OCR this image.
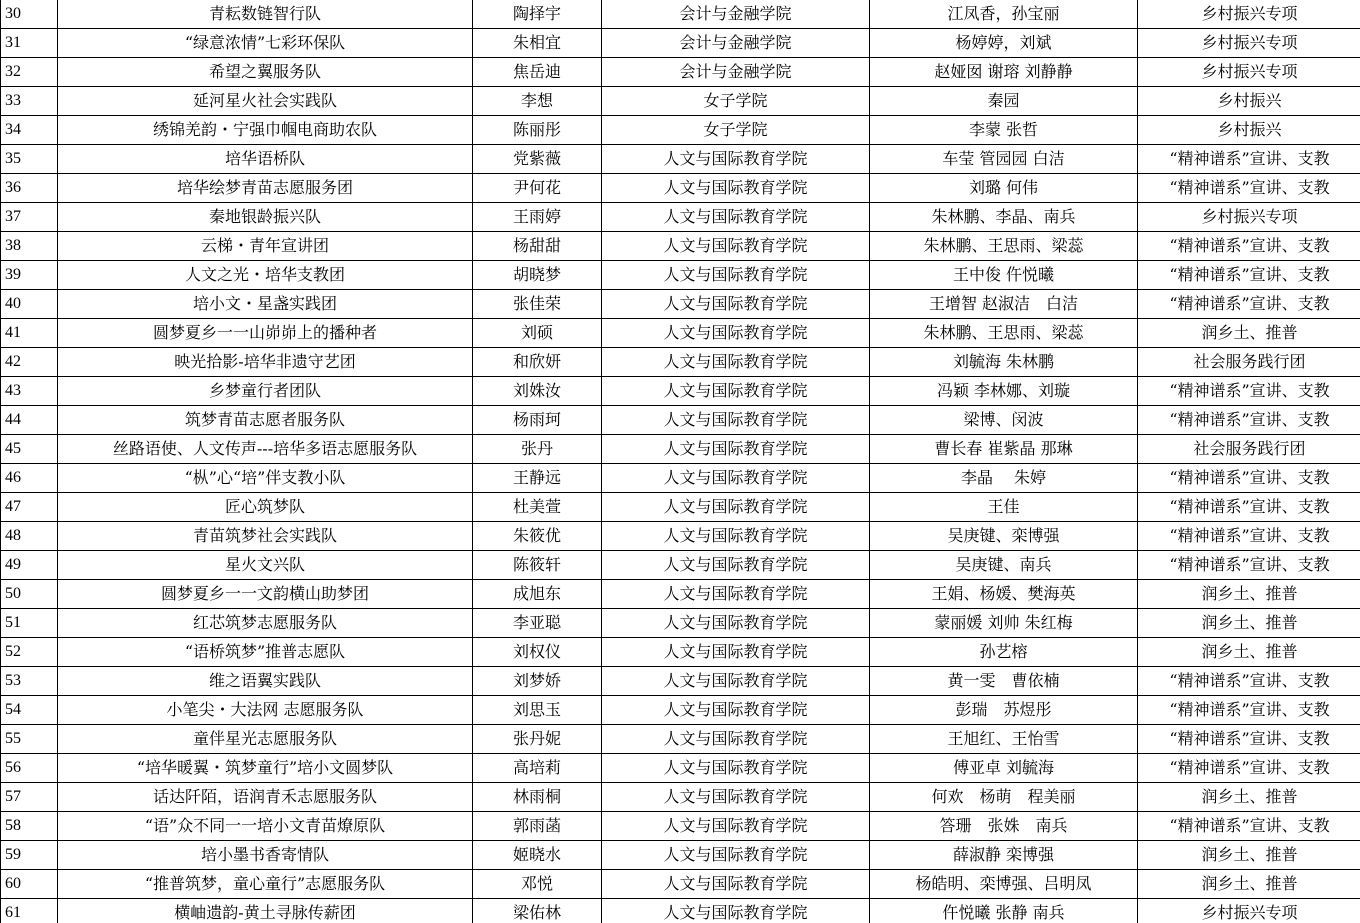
30	青耘数链智行队	陶择宇	会计与金融学院	江凤香，孙宝丽	乡村振兴专项
31	“绿意浓情”七彩环保队	朱相宜	会计与金融学院	杨婷婷，刘斌	乡村振兴专项
32	希望之翼服务队	焦岳迪	会计与金融学院	赵娅囡 谢瑢 刘静静	乡村振兴专项
33	延河星火社会实践队	李想	女子学院	秦园	乡村振兴
34	绣锦羌韵・宁强巾帼电商助农队	陈丽彤	女子学院	李蒙 张哲	乡村振兴
35	培华语桥队	党紫薇	人文与国际教育学院	车莹 管园园 白洁	“精神谱系”宣讲、支教
36	培华绘梦青苗志愿服务团	尹何花	人文与国际教育学院	刘璐 何伟	“精神谱系”宣讲、支教
37	秦地银龄振兴队	王雨婷	人文与国际教育学院	朱林鹏、李晶、南兵	乡村振兴专项
38	云梯・青年宣讲团	杨甜甜	人文与国际教育学院	朱林鹏、王思雨、梁蕊	“精神谱系”宣讲、支教
39	人文之光・培华支教团	胡晓梦	人文与国际教育学院	王中俊 仵悦曦	“精神谱系”宣讲、支教
40	培小文・星盏实践团	张佳荣	人文与国际教育学院	王增智 赵淑洁　白洁	“精神谱系”宣讲、支教
41	圆梦夏乡一一山峁峁上的播种者	刘硕	人文与国际教育学院	朱林鹏、王思雨、梁蕊	润乡土、推普
42	映光拾影-培华非遗守艺团	和欣妍	人文与国际教育学院	刘毓海 朱林鹏	社会服务践行团
43	乡梦童行者团队	刘姝汝	人文与国际教育学院	冯颖 李林娜、刘璇	“精神谱系”宣讲、支教
44	筑梦青苗志愿者服务队	杨雨珂	人文与国际教育学院	梁博、闵波	“精神谱系”宣讲、支教
45	丝路语使、人文传声---培华多语志愿服务队	张丹	人文与国际教育学院	曹长春 崔紫晶 那琳	社会服务践行团
46	“枞”心“培”伴支教小队	王静远	人文与国际教育学院	李晶　 朱婷	“精神谱系”宣讲、支教
47	匠心筑梦队	杜美萱	人文与国际教育学院	王佳	“精神谱系”宣讲、支教
48	青苗筑梦社会实践队	朱筱优	人文与国际教育学院	吴庚键、栾博强	“精神谱系”宣讲、支教
49	星火文兴队	陈筱轩	人文与国际教育学院	吴庚键、南兵	“精神谱系”宣讲、支教
50	圆梦夏乡一一文韵横山助梦团	成旭东	人文与国际教育学院	王娟、杨媛、樊海英	润乡土、推普
51	红芯筑梦志愿服务队	李亚聪	人文与国际教育学院	蒙丽媛 刘帅 朱红梅	润乡土、推普
52	“语桥筑梦”推普志愿队	刘权仪	人文与国际教育学院	孙艺榕	润乡土、推普
53	维之语翼实践队	刘梦娇	人文与国际教育学院	黄一雯　曹依楠	“精神谱系”宣讲、支教
54	小笔尖・大法网 志愿服务队	刘思玉	人文与国际教育学院	彭瑞　苏煜彤	“精神谱系”宣讲、支教
55	童伴星光志愿服务队	张丹妮	人文与国际教育学院	王旭红、王怡雪	“精神谱系”宣讲、支教
56	“培华暖翼・筑梦童行”培小文圆梦队	高培莉	人文与国际教育学院	傅亚卓 刘毓海	“精神谱系”宣讲、支教
57	话达阡陌，语润青禾志愿服务队	林雨桐	人文与国际教育学院	何欢　杨萌　程美丽	润乡土、推普
58	“语”众不同一一培小文青苗燎原队	郭雨菡	人文与国际教育学院	答珊　张姝　南兵	“精神谱系”宣讲、支教
59	培小墨书香寄情队	姬晓水	人文与国际教育学院	薛淑静 栾博强	润乡土、推普
60	“推普筑梦，童心童行”志愿服务队	邓悦	人文与国际教育学院	杨皓明、栾博强、吕明凤	润乡土、推普
61	横岫遗韵-黄土寻脉传薪团	梁佑林	人文与国际教育学院	仵悦曦 张静 南兵	乡村振兴专项
